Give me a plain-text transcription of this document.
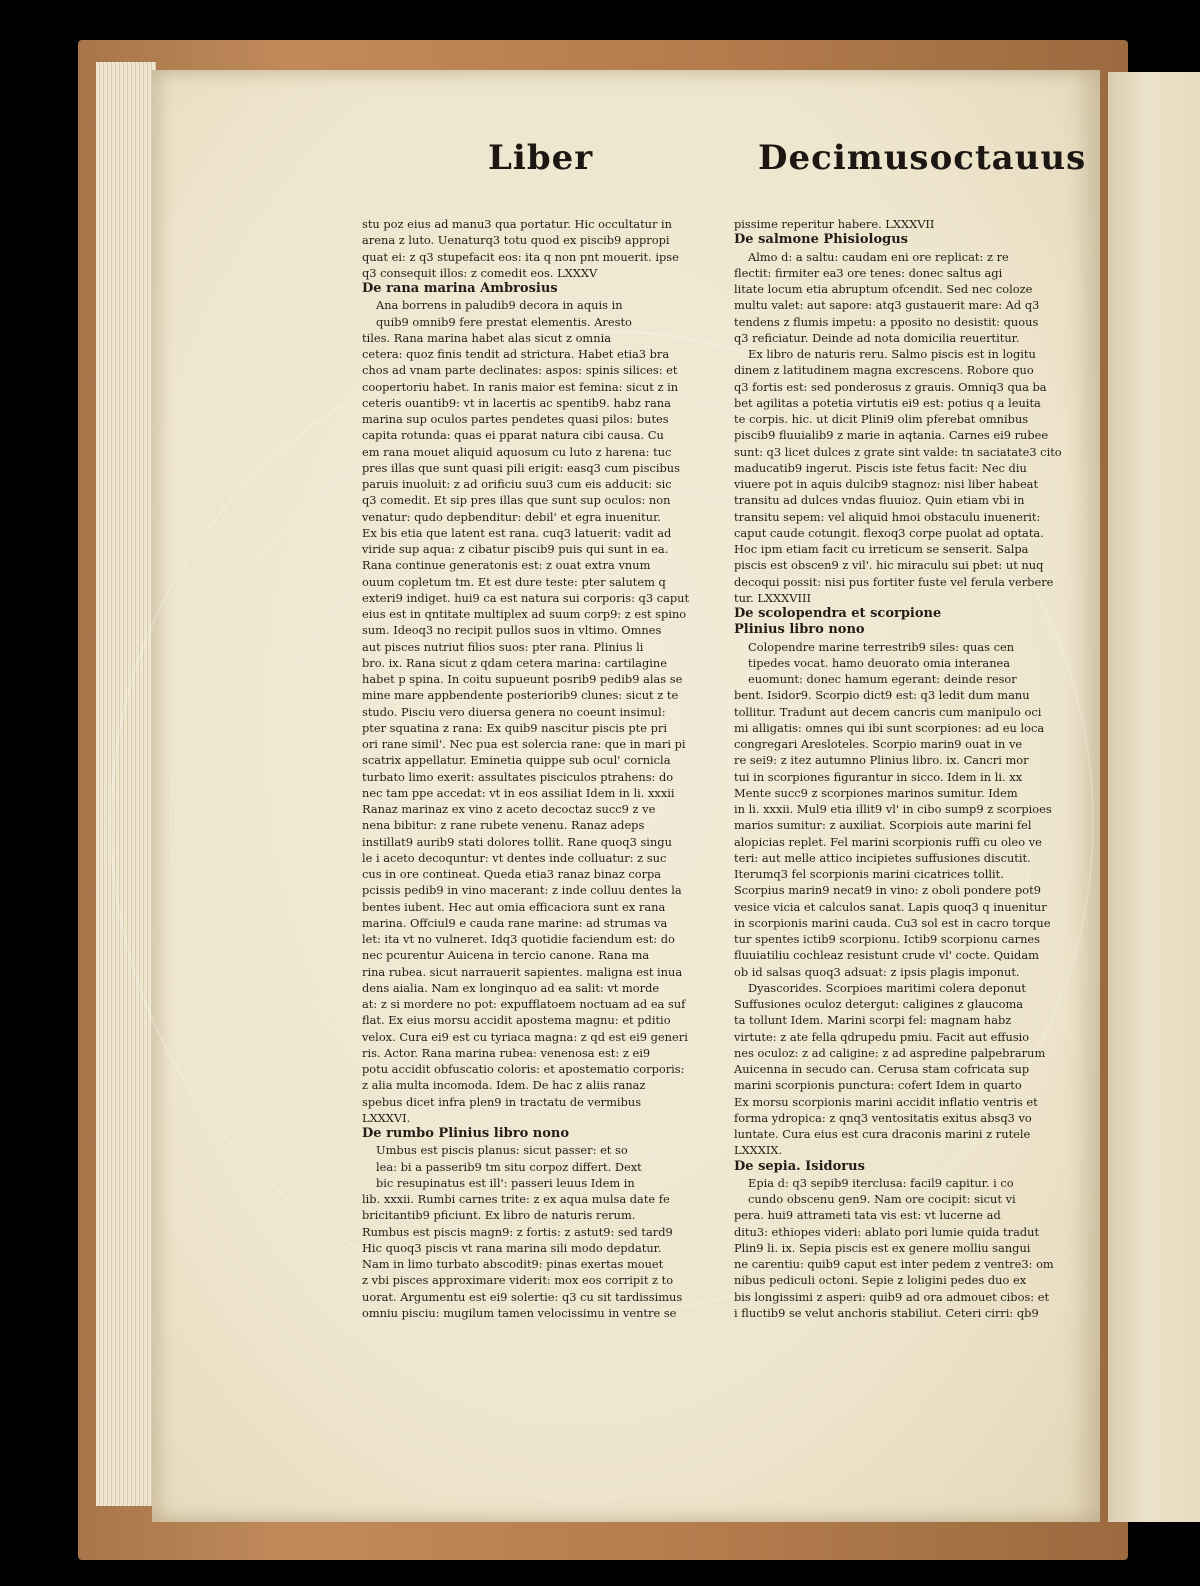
Liber	Decimusoctauus
stu poz eius ad manu3 qua portatur. Hic occultatur in
arena z luto. Uenaturq3 totu quod ex piscib9 appropi
quat ei: z q3 stupefacit eos: ita q non pnt mouerit. ipse
q3 consequit illos: z comedit eos. LXXXV
De rana marina Ambrosius
Ana borrens in paludib9 decora in aquis in
quib9 omnib9 fere prestat elementis. Aresto
tiles. Rana marina habet alas sicut z omnia
cetera: quoz finis tendit ad strictura. Habet etia3 bra
chos ad vnam parte declinates: aspos: spinis silices: et
coopertoriu habet. In ranis maior est femina: sicut z in
ceteris ouantib9: vt in lacertis ac spentib9. habz rana
marina sup oculos partes pendetes quasi pilos: butes
capita rotunda: quas ei pparat natura cibi causa. Cu
em rana mouet aliquid aquosum cu luto z harena: tuc
pres illas que sunt quasi pili erigit: easq3 cum piscibus
paruis inuoluit: z ad orificiu suu3 cum eis adducit: sic
q3 comedit. Et sip pres illas que sunt sup oculos: non
venatur: qudo depbenditur: debil' et egra inuenitur.
Ex bis etia que latent est rana. cuq3 latuerit: vadit ad
viride sup aqua: z cibatur piscib9 puis qui sunt in ea.
Rana continue generatonis est: z ouat extra vnum
ouum copletum tm. Et est dure teste: pter salutem q
exteri9 indiget. hui9 ca est natura sui corporis: q3 caput
eius est in qntitate multiplex ad suum corp9: z est spino
sum. Ideoq3 no recipit pullos suos in vltimo. Omnes
aut pisces nutriut filios suos: pter rana. Plinius li
bro. ix. Rana sicut z qdam cetera marina: cartilagine
habet p spina. In coitu supueunt posrib9 pedib9 alas se
mine mare appbendente posteriorib9 clunes: sicut z te
studo. Pisciu vero diuersa genera no coeunt insimul:
pter squatina z rana: Ex quib9 nascitur piscis pte pri
ori rane simil'. Nec pua est solercia rane: que in mari pi
scatrix appellatur. Eminetia quippe sub ocul' cornicla
turbato limo exerit: assultates pisciculos ptrahens: do
nec tam ppe accedat: vt in eos assiliat Idem in li. xxxii
Ranaz marinaz ex vino z aceto decoctaz succ9 z ve
nena bibitur: z rane rubete venenu. Ranaz adeps
instillat9 aurib9 stati dolores tollit. Rane quoq3 singu
le i aceto decoquntur: vt dentes inde colluatur: z suc
cus in ore contineat. Queda etia3 ranaz binaz corpa
pcissis pedib9 in vino macerant: z inde colluu dentes la
bentes iubent. Hec aut omia efficaciora sunt ex rana
marina. Offciul9 e cauda rane marine: ad strumas va
let: ita vt no vulneret. Idq3 quotidie faciendum est: do
nec pcurentur Auicena in tercio canone. Rana ma
rina rubea. sicut narrauerit sapientes. maligna est inua
dens aialia. Nam ex longinquo ad ea salit: vt morde
at: z si mordere no pot: expufflatoem noctuam ad ea suf
flat. Ex eius morsu accidit apostema magnu: et pditio
velox. Cura ei9 est cu tyriaca magna: z qd est ei9 generi
ris. Actor. Rana marina rubea: venenosa est: z ei9
potu accidit obfuscatio coloris: et apostematio corporis:
z alia multa incomoda. Idem. De hac z aliis ranaz
spebus dicet infra plen9 in tractatu de vermibus
LXXXVI.
De rumbo Plinius libro nono
Umbus est piscis planus: sicut passer: et so
lea: bi a passerib9 tm situ corpoz differt. Dext
bic resupinatus est ill': passeri leuus Idem in
lib. xxxii. Rumbi carnes trite: z ex aqua mulsa date fe
bricitantib9 pficiunt. Ex libro de naturis rerum.
Rumbus est piscis magn9: z fortis: z astut9: sed tard9
Hic quoq3 piscis vt rana marina sili modo depdatur.
Nam in limo turbato abscodit9: pinas exertas mouet
z vbi pisces approximare viderit: mox eos corripit z to
uorat. Argumentu est ei9 solertie: q3 cu sit tardissimus
omniu pisciu: mugilum tamen velocissimu in ventre se
pissime reperitur habere. LXXXVII
De salmone Phisiologus
Almo d: a saltu: caudam eni ore replicat: z re
flectit: firmiter ea3 ore tenes: donec saltus agi
litate locum etia abruptum ofcendit. Sed nec coloze
multu valet: aut sapore: atq3 gustauerit mare: Ad q3
tendens z flumis impetu: a pposito no desistit: quous
q3 reficiatur. Deinde ad nota domicilia reuertitur.
Ex libro de naturis reru. Salmo piscis est in logitu
dinem z latitudinem magna excrescens. Robore quo
q3 fortis est: sed ponderosus z grauis. Omniq3 qua ba
bet agilitas a potetia virtutis ei9 est: potius q a leuita
te corpis. hic. ut dicit Plini9 olim pferebat omnibus
piscib9 fluuialib9 z marie in aqtania. Carnes ei9 rubee
sunt: q3 licet dulces z grate sint valde: tn saciatate3 cito
maducatib9 ingerut. Piscis iste fetus facit: Nec diu
viuere pot in aquis dulcib9 stagnoz: nisi liber habeat
transitu ad dulces vndas fluuioz. Quin etiam vbi in
transitu sepem: vel aliquid hmoi obstaculu inuenerit:
caput caude cotungit. flexoq3 corpe puolat ad optata.
Hoc ipm etiam facit cu irreticum se senserit. Salpa
piscis est obscen9 z vil'. hic miraculu sui pbet: ut nuq
decoqui possit: nisi pus fortiter fuste vel ferula verbere
tur. LXXXVIII
De scolopendra et scorpione
Plinius libro nono
Colopendre marine terrestrib9 siles: quas cen
tipedes vocat. hamo deuorato omia interanea
euomunt: donec hamum egerant: deinde resor
bent. Isidor9. Scorpio dict9 est: q3 ledit dum manu
tollitur. Tradunt aut decem cancris cum manipulo oci
mi alligatis: omnes qui ibi sunt scorpiones: ad eu loca
congregari Aresloteles. Scorpio marin9 ouat in ve
re sei9: z itez autumno Plinius libro. ix. Cancri mor
tui in scorpiones figurantur in sicco. Idem in li. xx
Mente succ9 z scorpiones marinos sumitur. Idem
in li. xxxii. Mul9 etia illit9 vl' in cibo sump9 z scorpioes
marios sumitur: z auxiliat. Scorpiois aute marini fel
alopicias replet. Fel marini scorpionis ruffi cu oleo ve
teri: aut melle attico incipietes suffusiones discutit.
Iterumq3 fel scorpionis marini cicatrices tollit.
Scorpius marin9 necat9 in vino: z oboli pondere pot9
vesice vicia et calculos sanat. Lapis quoq3 q inuenitur
in scorpionis marini cauda. Cu3 sol est in cacro torque
tur spentes ictib9 scorpionu. Ictib9 scorpionu carnes
fluuiatiliu cochleaz resistunt crude vl' cocte. Quidam
ob id salsas quoq3 adsuat: z ipsis plagis imponut.
Dyascorides. Scorpioes maritimi colera deponut
Suffusiones oculoz detergut: caligines z glaucoma
ta tollunt Idem. Marini scorpi fel: magnam habz
virtute: z ate fella qdrupedu pmiu. Facit aut effusio
nes oculoz: z ad caligine: z ad aspredine palpebrarum
Auicenna in secudo can. Cerusa stam cofricata sup
marini scorpionis punctura: cofert Idem in quarto
Ex morsu scorpionis marini accidit inflatio ventris et
forma ydropica: z qnq3 ventositatis exitus absq3 vo
luntate. Cura eius est cura draconis marini z rutele
LXXXIX.
De sepia. Isidorus
Epia d: q3 sepib9 iterclusa: facil9 capitur. i co
cundo obscenu gen9. Nam ore cocipit: sicut vi
pera. hui9 attrameti tata vis est: vt lucerne ad
ditu3: ethiopes videri: ablato pori lumie quida tradut
Plin9 li. ix. Sepia piscis est ex genere molliu sangui
ne carentiu: quib9 caput est inter pedem z ventre3: om
nibus pediculi octoni. Sepie z loligini pedes duo ex
bis longissimi z asperi: quib9 ad ora admouet cibos: et
i fluctib9 se velut anchoris stabiliut. Ceteri cirri: qb9
